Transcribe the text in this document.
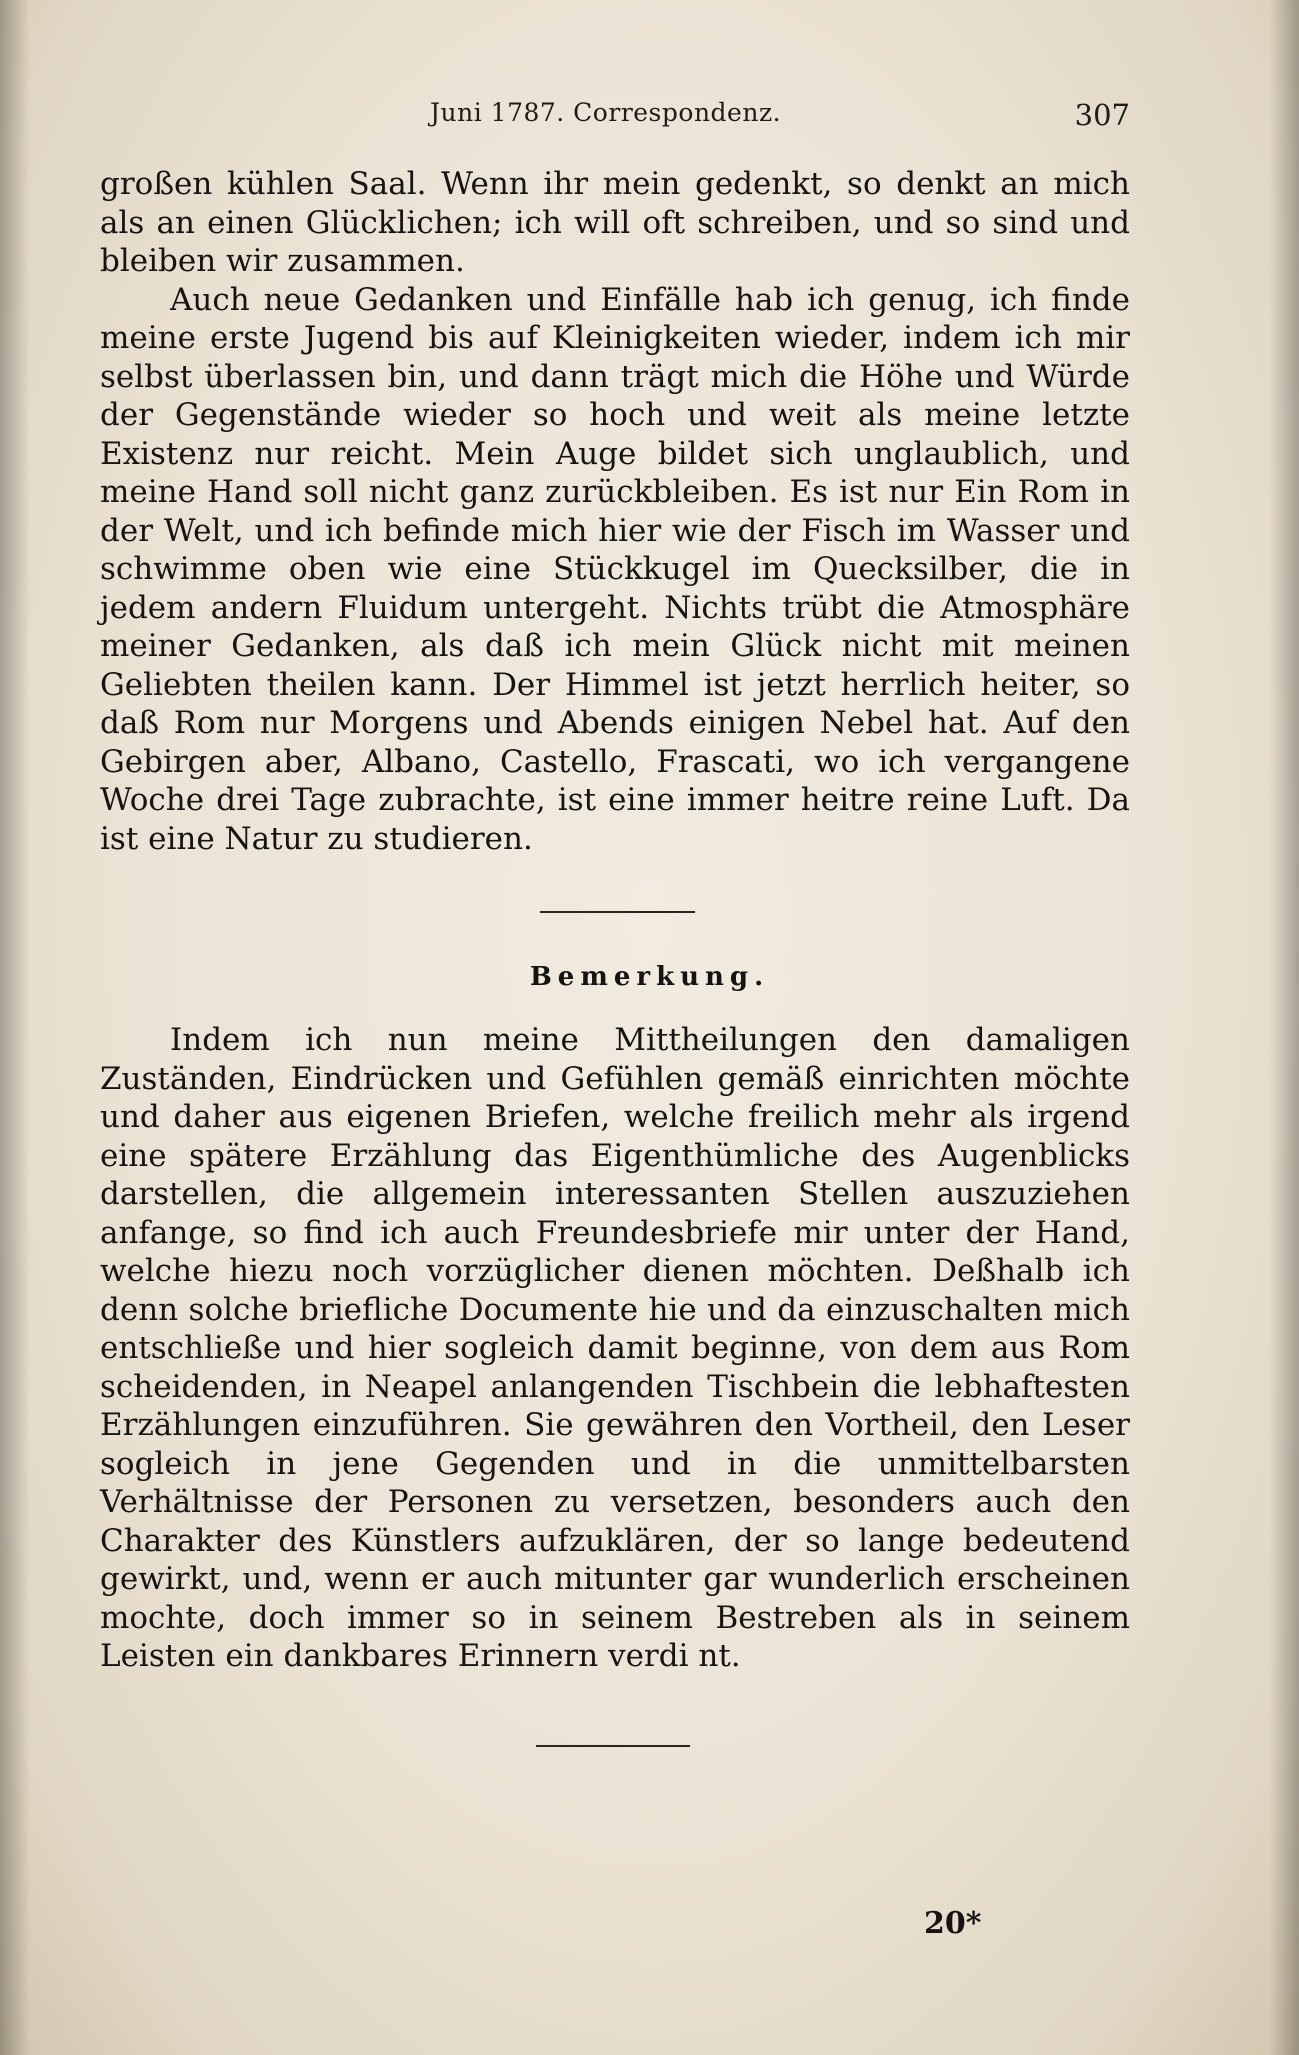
Juni 1787. Correspondenz.	307

großen kühlen Saal. Wenn ihr mein gedenkt, so denkt an mich als an einen Glücklichen; ich will oft schreiben, und so sind und bleiben wir zusammen.

Auch neue Gedanken und Einfälle hab ich genug, ich finde meine erste Jugend bis auf Kleinigkeiten wieder, indem ich mir selbst überlassen bin, und dann trägt mich die Höhe und Würde der Gegenstände wieder so hoch und weit als meine letzte Existenz nur reicht. Mein Auge bildet sich unglaublich, und meine Hand soll nicht ganz zurückbleiben. Es ist nur Ein Rom in der Welt, und ich befinde mich hier wie der Fisch im Wasser und schwimme oben wie eine Stückkugel im Quecksilber, die in jedem andern Fluidum untergeht. Nichts trübt die Atmosphäre meiner Gedanken, als daß ich mein Glück nicht mit meinen Geliebten theilen kann. Der Himmel ist jetzt herrlich heiter, so daß Rom nur Morgens und Abends einigen Nebel hat. Auf den Gebirgen aber, Albano, Castello, Frascati, wo ich vergangene Woche drei Tage zubrachte, ist eine immer heitre reine Luft. Da ist eine Natur zu studieren.

Bemerkung.

Indem ich nun meine Mittheilungen den damaligen Zuständen, Eindrücken und Gefühlen gemäß einrichten möchte und daher aus eigenen Briefen, welche freilich mehr als irgend eine spätere Erzählung das Eigenthümliche des Augenblicks darstellen, die allgemein interessanten Stellen auszuziehen anfange, so find ich auch Freundesbriefe mir unter der Hand, welche hiezu noch vorzüglicher dienen möchten. Deßhalb ich denn solche briefliche Documente hie und da einzuschalten mich entschließe und hier sogleich damit beginne, von dem aus Rom scheidenden, in Neapel anlangenden Tischbein die lebhaftesten Erzählungen einzuführen. Sie gewähren den Vortheil, den Leser sogleich in jene Gegenden und in die unmittelbarsten Verhältnisse der Personen zu versetzen, besonders auch den Charakter des Künstlers aufzuklären, der so lange bedeutend gewirkt, und, wenn er auch mitunter gar wunderlich erscheinen mochte, doch immer so in seinem Bestreben als in seinem Leisten ein dankbares Erinnern verdi nt.

20*
